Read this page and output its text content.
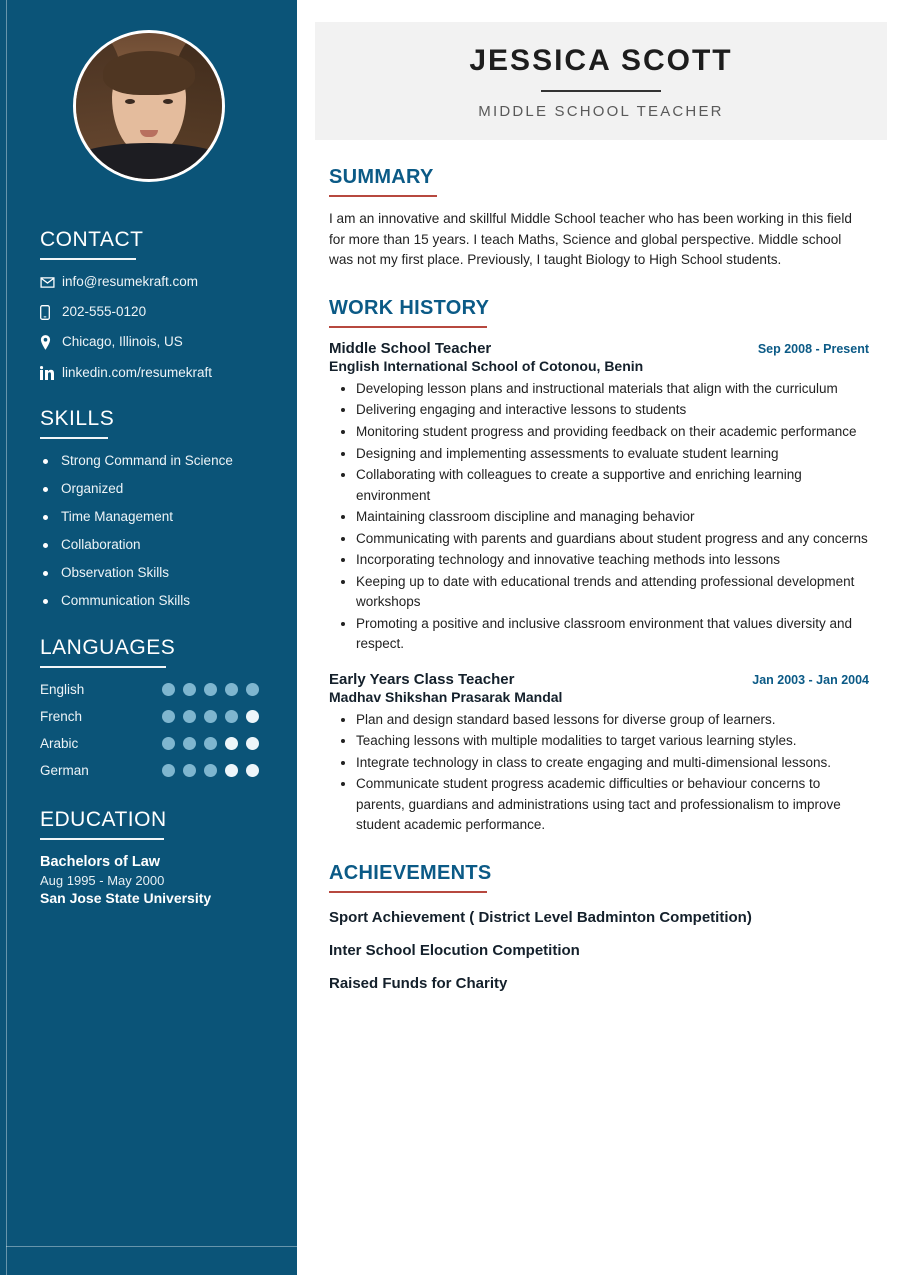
CONTACT
info@resumekraft.com
202-555-0120
Chicago, Illinois, US
linkedin.com/resumekraft
SKILLS
Strong Command in Science
Organized
Time Management
Collaboration
Observation Skills
Communication Skills
LANGUAGES
English
French
Arabic
German
EDUCATION
Bachelors of Law
Aug 1995 - May 2000
San Jose State University
JESSICA SCOTT
MIDDLE SCHOOL TEACHER
SUMMARY

I am an innovative and skillful Middle School teacher who has been working in this field for more than 15 years. I teach Maths, Science and global perspective. Middle school was not my first place. Previously, I taught Biology to High School students.

WORK HISTORY
Middle School Teacher	Sep 2008 - Present
English International School of Cotonou, Benin
• Developing lesson plans and instructional materials that align with the curriculum
• Delivering engaging and interactive lessons to students
• Monitoring student progress and providing feedback on their academic performance
• Designing and implementing assessments to evaluate student learning
• Collaborating with colleagues to create a supportive and enriching learning environment
• Maintaining classroom discipline and managing behavior
• Communicating with parents and guardians about student progress and any concerns
• Incorporating technology and innovative teaching methods into lessons
• Keeping up to date with educational trends and attending professional development workshops
• Promoting a positive and inclusive classroom environment that values diversity and respect.
Early Years Class Teacher	Jan 2003 - Jan 2004
Madhav Shikshan Prasarak Mandal
• Plan and design standard based lessons for diverse group of learners.
• Teaching lessons with multiple modalities to target various learning styles.
• Integrate technology in class to create engaging and multi-dimensional lessons.
• Communicate student progress academic difficulties or behaviour concerns to parents, guardians and administrations using tact and professionalism to improve student academic performance.
ACHIEVEMENTS
Sport Achievement ( District Level Badminton Competition)
Inter School Elocution Competition
Raised Funds for Charity
